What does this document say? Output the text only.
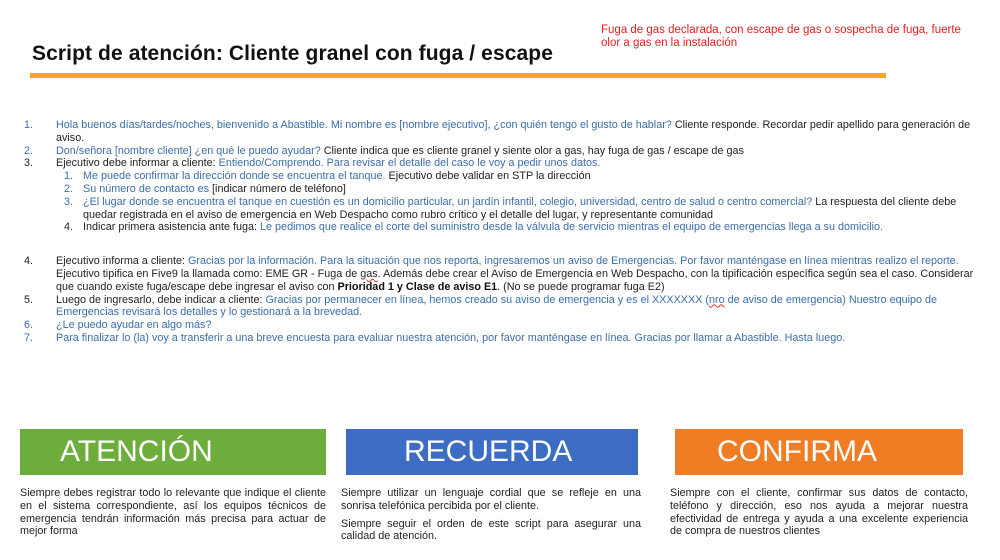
Script de atención: Cliente granel con fuga / escape
Fuga de gas declarada, con escape de gas o sospecha de fuga, fuerte olor a gas en la instalación
1.	Hola buenos días/tardes/noches, bienvenido a Abastible. Mi nombre es [nombre ejecutivo], ¿con quién tengo el gusto de hablar? Cliente responde. Recordar pedir apellido para generación de aviso.
2.	Don/señora [nombre cliente] ¿en qué le puedo ayudar? Cliente indica que es cliente granel y siente olor a gas, hay fuga de gas / escape de gas
3.	Ejecutivo debe informar a cliente: Entiendo/Comprendo. Para revisar el detalle del caso le voy a pedir unos datos.
1. Me puede confirmar la dirección donde se encuentra el tanque. Ejecutivo debe validar en STP la dirección
2. Su número de contacto es [indicar número de teléfono]
3. ¿El lugar donde se encuentra el tanque en cuestión es un domicilio particular, un jardín infantil, colegio, universidad, centro de salud o centro comercial? La respuesta del cliente debe quedar registrada en el aviso de emergencia en Web Despacho como rubro crítico y el detalle del lugar, y representante comunidad
4. Indicar primera asistencia ante fuga: Le pedimos que realice el corte del suministro desde la válvula de servicio mientras el equipo de emergencias llega a su domicilio.
4.	Ejecutivo informa a cliente: Gracias por la información. Para la situación que nos reporta, ingresaremos un aviso de Emergencias. Por favor manténgase en línea mientras realizo el reporte. Ejecutivo tipifica en Five9 la llamada como: EME GR - Fuga de gas. Además debe crear el Aviso de Emergencia en Web Despacho, con la tipificación específica según sea el caso. Considerar que cuando existe fuga/escape debe ingresar el aviso con Prioridad 1 y Clase de aviso E1. (No se puede programar fuga E2)
5.	Luego de ingresarlo, debe indicar a cliente: Gracias por permanecer en línea, hemos creado su aviso de emergencia y es el XXXXXXX (nro de aviso de emergencia) Nuestro equipo de Emergencias revisará los detalles y lo gestionará a la brevedad.
6.	¿Le puedo ayudar en algo más?
7.	Para finalizar lo (la) voy a transferir a una breve encuesta para evaluar nuestra atención, por favor manténgase en línea. Gracias por llamar a Abastible. Hasta luego.
ATENCIÓN

Siempre debes registrar todo lo relevante que indique el cliente en el sistema correspondiente, así los equipos técnicos de emergencia tendrán información más precisa para actuar de mejor forma

RECUERDA

Siempre utilizar un lenguaje cordial que se refleje en una sonrisa telefónica percibida por el cliente.

Siempre seguir el orden de este script para asegurar una calidad de atención.

CONFIRMA

Siempre con el cliente, confirmar sus datos de contacto, teléfono y dirección, eso nos ayuda a mejorar nuestra efectividad de entrega y ayuda a una excelente experiencia de compra de nuestros clientes
